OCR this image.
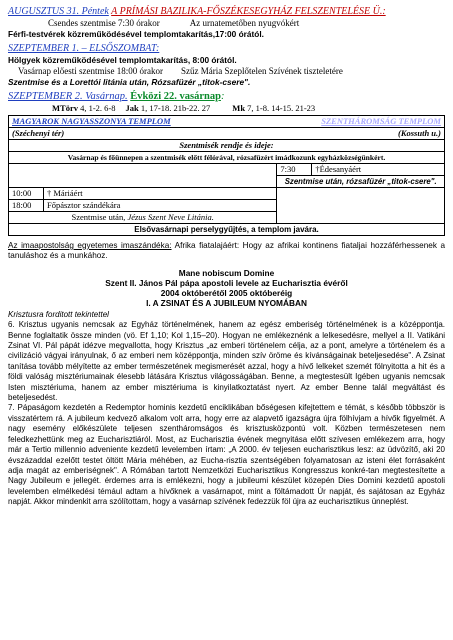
AUGUSZTUS 31. Péntek A PRÍMÁSI BAZILIKA-FŐSZÉKESEGYHÁZ FELSZENTELÉSE Ü.:
Csendes szentmise 7:30 órakor	Az urnatemetőben nyugvókért
Férfi-testvérek közreműködésével templomtakarítás,17:00 órától.
SZEPTEMBER 1. – ELSŐSZOMBAT:
Hölgyek közreműködésével templomtakarítás, 8:00 órától.
Vasárnap előesti szentmise 18:00 órakor Szűz Mária Szeplőtelen Szívének tiszteletére
Szentmise és a Lorettói litánia után, Rózsafüzér „titok-csere".
SZEPTEMBER 2. Vasárnap. Évközi 22. vasárnap:
MTörv 4, 1-2. 6-8 Jak 1, 17-18. 21b-22. 27	Mk 7, 1-8. 14-15. 21-23
MAGYAROK NAGYASSZONYA TEMPLOM		SZENTHÁROMSÁG TEMPLOM	
(Széchenyi tér)		(Kossuth u.)	
Szentmisék rendje és ideje:			
Vasárnap és főünnepen a szentmisék előtt félórával, rózsafüzért imádkozunk egyházközségünkért.			
		7:30	†Édesanyáért
		Szentmise után, rózsafüzér „titok-csere".	
10:00	† Máriáért		
18:00	Főpásztor szándékára		
Szentmise után, Jézus Szent Neve Litánia.			
Elsővasárnapi perselygyűjtés, a templom javára.			
Az imaapostolság egyetemes imaszándéka: Afrika fiatalajáért: Hogy az afrikai kontinens fiataljai hozzáférhessenek a tanuláshoz és a munkához.
Mane nobiscum Domine
Szent II. János Pál pápa apostoli levele az Eucharisztia évéről
2004 októberétől 2005 októberéig
I. A ZSINAT ÉS A JUBILEUM NYOMÁBAN
Krisztusra forditott tekintettel
6. Krisztus ugyanis nemcsak az Egyház történelmének, hanem az egész emberiség történelmének is a középpontja. Benne foglaltatik össze minden (vö. Ef 1,10; Kol 1,15–20). Hogyan ne emlékeznénk a lelkesedésre, mellyel a II. Vatikáni Zsinat VI. Pál pápát idézve megvallotta, hogy Krisztus „az emberi történelem célja, az a pont, amelyre a történelem és a civilizáció vágyai irányulnak, ő az emberi nem középpontja, minden szív öröme és kívánságainak beteljesedése". A Zsinat tanítása tovább mélyítette az ember természetének megismerését azzal, hogy a hívő lelkeket szemét fölnyitotta a hit és a földi valóság misztériumainak élesebb látására Krisztus világosságában. Benne, a megtestesült Igében ugyanis nemcsak Isten misztériuma, hanem az ember misztériuma is kinyilatkoztatást nyert. Az ember Benne talál megváltást és beteljesedést.
7. Pápaságom kezdetén a Redemptor hominis kezdetű enciklikában bőségesen kifejtettem e témát, s később többször is visszatértem rá. A jubileum kedvező alkalom volt arra, hogy erre az alapvető igazságra újra fölhívjam a hívők figyelmét. A nagy esemény előkészülete teljesen szentháromságos és krisztusközpontú volt. Közben természetesen nem feledkezhettünk meg az Eucharisztiáról. Most, az Eucharisztia évének megnyitása előtt szívesen emlékezem arra, hogy már a Tertio millennio adveniente kezdetű levelemben írtam: „A 2000. év teljesen eucharisztikus lesz: az üdvözítő, aki 20 évszázaddal ezelőtt testet öltött Mária méhében, az Eucha-risztia szentségében folyamatosan az isteni élet forrásaként adja magát az emberiségnek". A Rómában tartott Nemzetközi Eucharisztikus Kongresszus konkré-tan megtestesítette a Nagy Jubileum e jellegét. érdemes arra is emlékezni, hogy a jubileumi készület közepén Dies Domini kezdetű apostoli levelemben elmélkedési témául adtam a hívőknek a vasárnapot, mint a föltámadott Úr napját, és sajátosan az Egyház napját. Akkor mindenkit arra szólítottam, hogy a vasárnap szívének fedezzük föl újra az eucharisztikus ünneplést.
